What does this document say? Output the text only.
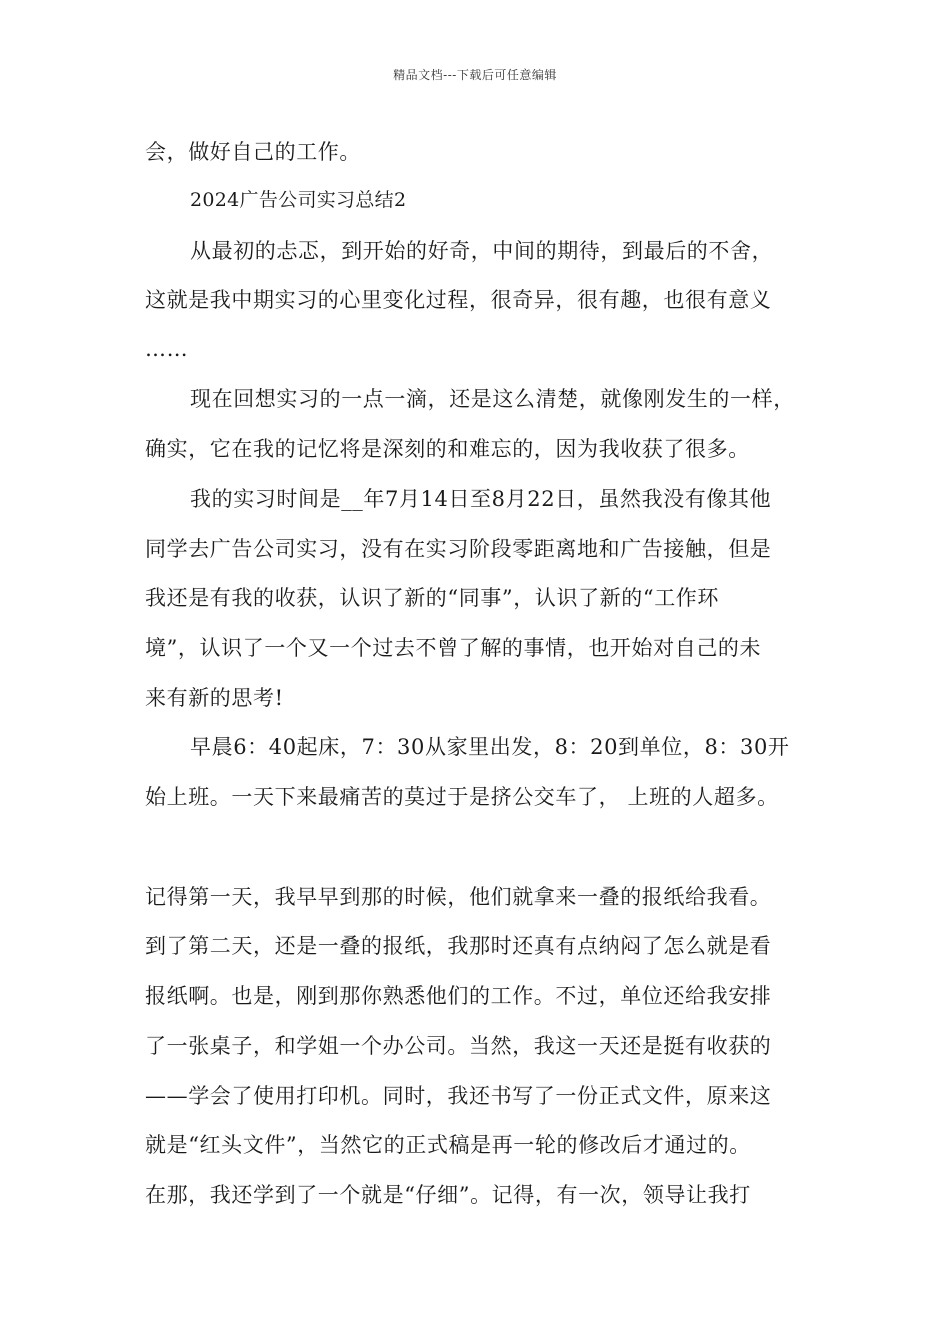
精品文档---下载后可任意编辑
会，做好自己的工作。
2024广告公司实习总结2
从最初的忐忑，到开始的好奇，中间的期待，到最后的不舍，
这就是我中期实习的心里变化过程，很奇异，很有趣，也很有意义
……
现在回想实习的一点一滴，还是这么清楚，就像刚发生的一样，
确实，它在我的记忆将是深刻的和难忘的，因为我收获了很多。
我的实习时间是__年7月14日至8月22日，虽然我没有像其他
同学去广告公司实习，没有在实习阶段零距离地和广告接触，但是
我还是有我的收获，认识了新的“同事”，认识了新的“工作环
境”，认识了一个又一个过去不曾了解的事情，也开始对自己的未
来有新的思考!
早晨6：40起床，7：30从家里出发，8：20到单位，8：30开
始上班。一天下来最痛苦的莫过于是挤公交车了， 上班的人超多。
记得第一天，我早早到那的时候，他们就拿来一叠的报纸给我看。
到了第二天，还是一叠的报纸，我那时还真有点纳闷了怎么就是看
报纸啊。也是，刚到那你熟悉他们的工作。不过，单位还给我安排
了一张桌子，和学姐一个办公司。当然，我这一天还是挺有收获的
——学会了使用打印机。同时，我还书写了一份正式文件，原来这
就是“红头文件”，当然它的正式稿是再一轮的修改后才通过的。
在那，我还学到了一个就是“仔细”。记得，有一次，领导让我打
